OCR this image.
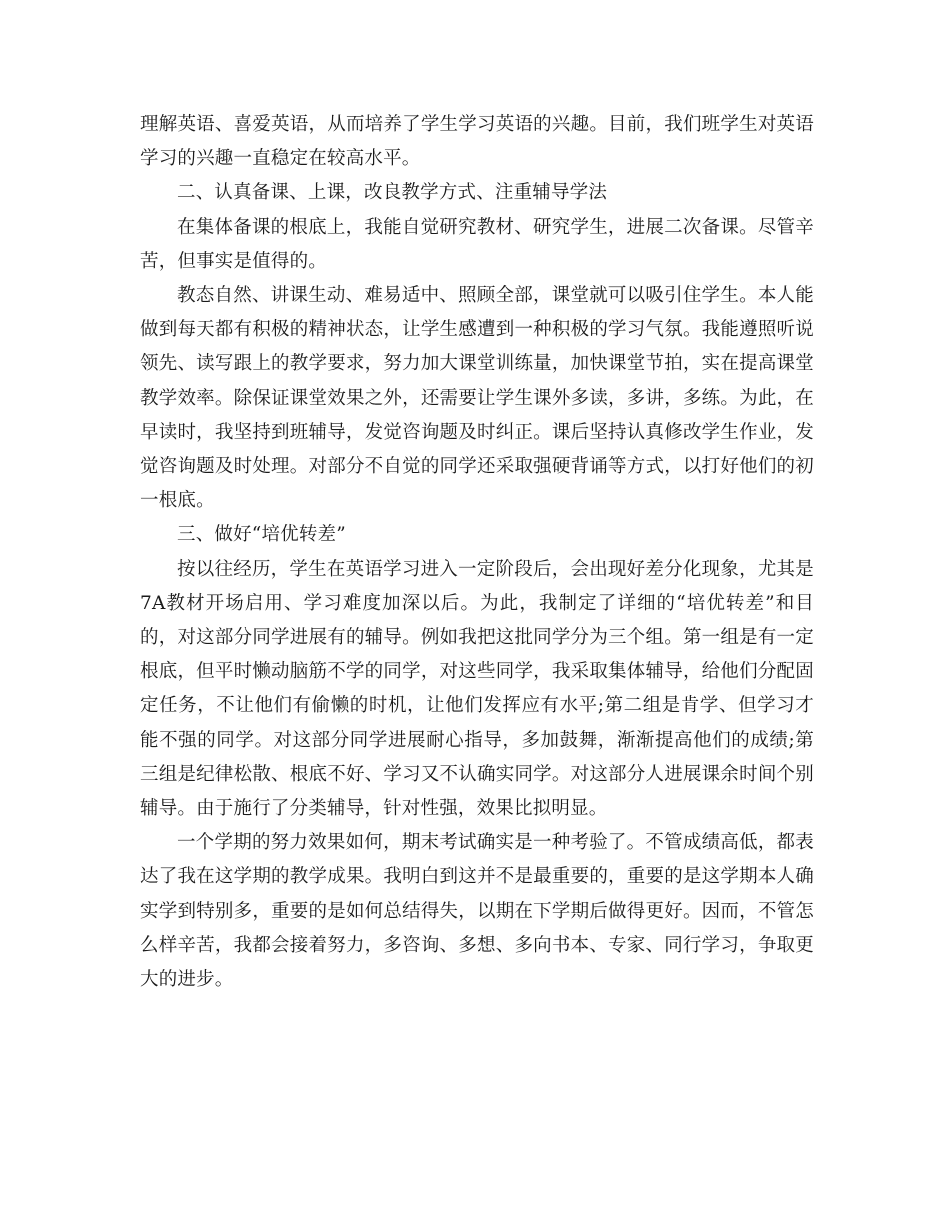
理解英语、喜爱英语，从而培养了学生学习英语的兴趣。目前，我们班学生对英语学习的兴趣一直稳定在较高水平。

二、认真备课、上课，改良教学方式、注重辅导学法

在集体备课的根底上，我能自觉研究教材、研究学生，进展二次备课。尽管辛苦，但事实是值得的。

教态自然、讲课生动、难易适中、照顾全部，课堂就可以吸引住学生。本人能做到每天都有积极的精神状态，让学生感遭到一种积极的学习气氛。我能遵照听说领先、读写跟上的教学要求，努力加大课堂训练量，加快课堂节拍，实在提高课堂教学效率。除保证课堂效果之外，还需要让学生课外多读，多讲，多练。为此，在早读时，我坚持到班辅导，发觉咨询题及时纠正。课后坚持认真修改学生作业，发觉咨询题及时处理。对部分不自觉的同学还采取强硬背诵等方式，以打好他们的初一根底。

三、做好“培优转差”

按以往经历，学生在英语学习进入一定阶段后，会出现好差分化现象，尤其是7A教材开场启用、学习难度加深以后。为此，我制定了详细的“培优转差”和目的，对这部分同学进展有的辅导。例如我把这批同学分为三个组。第一组是有一定根底，但平时懒动脑筋不学的同学，对这些同学，我采取集体辅导，给他们分配固定任务，不让他们有偷懒的时机，让他们发挥应有水平;第二组是肯学、但学习才能不强的同学。对这部分同学进展耐心指导，多加鼓舞，渐渐提高他们的成绩;第三组是纪律松散、根底不好、学习又不认确实同学。对这部分人进展课余时间个别辅导。由于施行了分类辅导，针对性强，效果比拟明显。

一个学期的努力效果如何，期末考试确实是一种考验了。不管成绩高低，都表达了我在这学期的教学成果。我明白到这并不是最重要的，重要的是这学期本人确实学到特别多，重要的是如何总结得失，以期在下学期后做得更好。因而，不管怎么样辛苦，我都会接着努力，多咨询、多想、多向书本、专家、同行学习，争取更大的进步。
